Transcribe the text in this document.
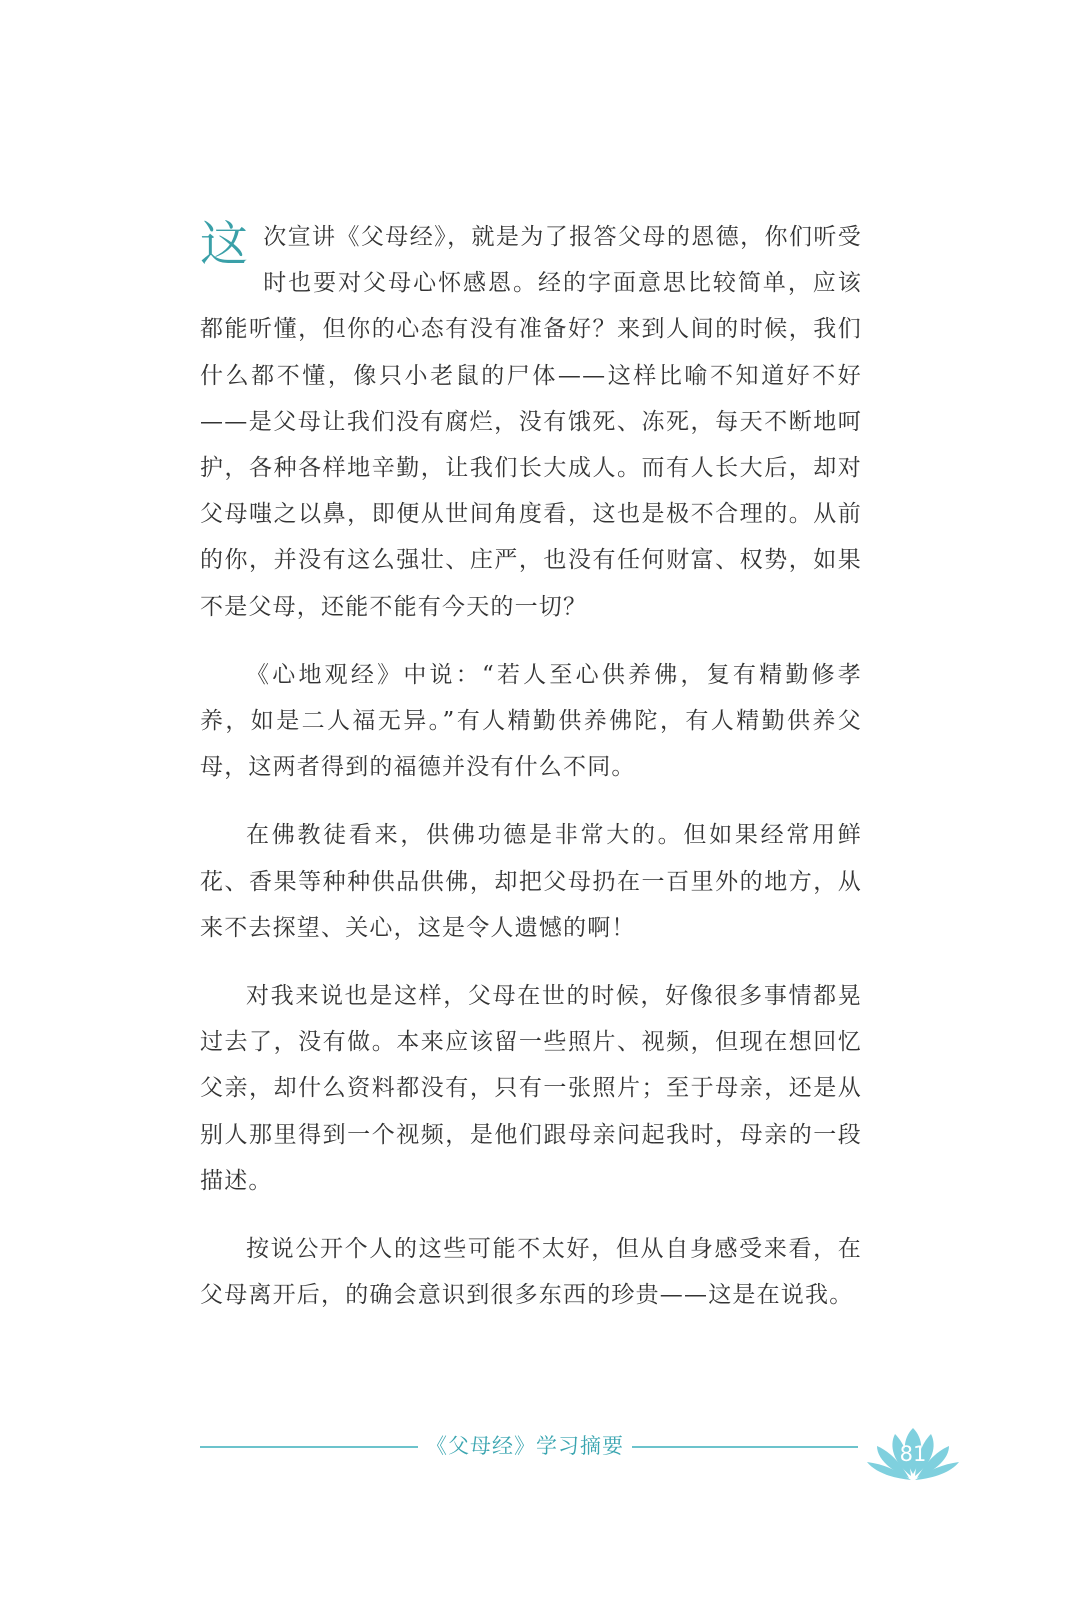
这次宣讲《父母经》，就是为了报答父母的恩德，你们听受时也要对父母心怀感恩。经的字面意思比较简单，应该都能听懂，但你的心态有没有准备好？来到人间的时候，我们什么都不懂，像只小老鼠的尸体——这样比喻不知道好不好——是父母让我们没有腐烂，没有饿死、冻死，每天不断地呵护，各种各样地辛勤，让我们长大成人。而有人长大后，却对父母嗤之以鼻，即便从世间角度看，这也是极不合理的。从前的你，并没有这么强壮、庄严，也没有任何财富、权势，如果不是父母，还能不能有今天的一切？

《心地观经》中说：“若人至心供养佛，复有精勤修孝养，如是二人福无异。”有人精勤供养佛陀，有人精勤供养父母，这两者得到的福德并没有什么不同。

在佛教徒看来，供佛功德是非常大的。但如果经常用鲜花、香果等种种供品供佛，却把父母扔在一百里外的地方，从来不去探望、关心，这是令人遗憾的啊！

对我来说也是这样，父母在世的时候，好像很多事情都晃过去了，没有做。本来应该留一些照片、视频，但现在想回忆父亲，却什么资料都没有，只有一张照片；至于母亲，还是从别人那里得到一个视频，是他们跟母亲问起我时，母亲的一段描述。

按说公开个人的这些可能不太好，但从自身感受来看，在父母离开后，的确会意识到很多东西的珍贵——这是在说我。

《父母经》学习摘要	81
